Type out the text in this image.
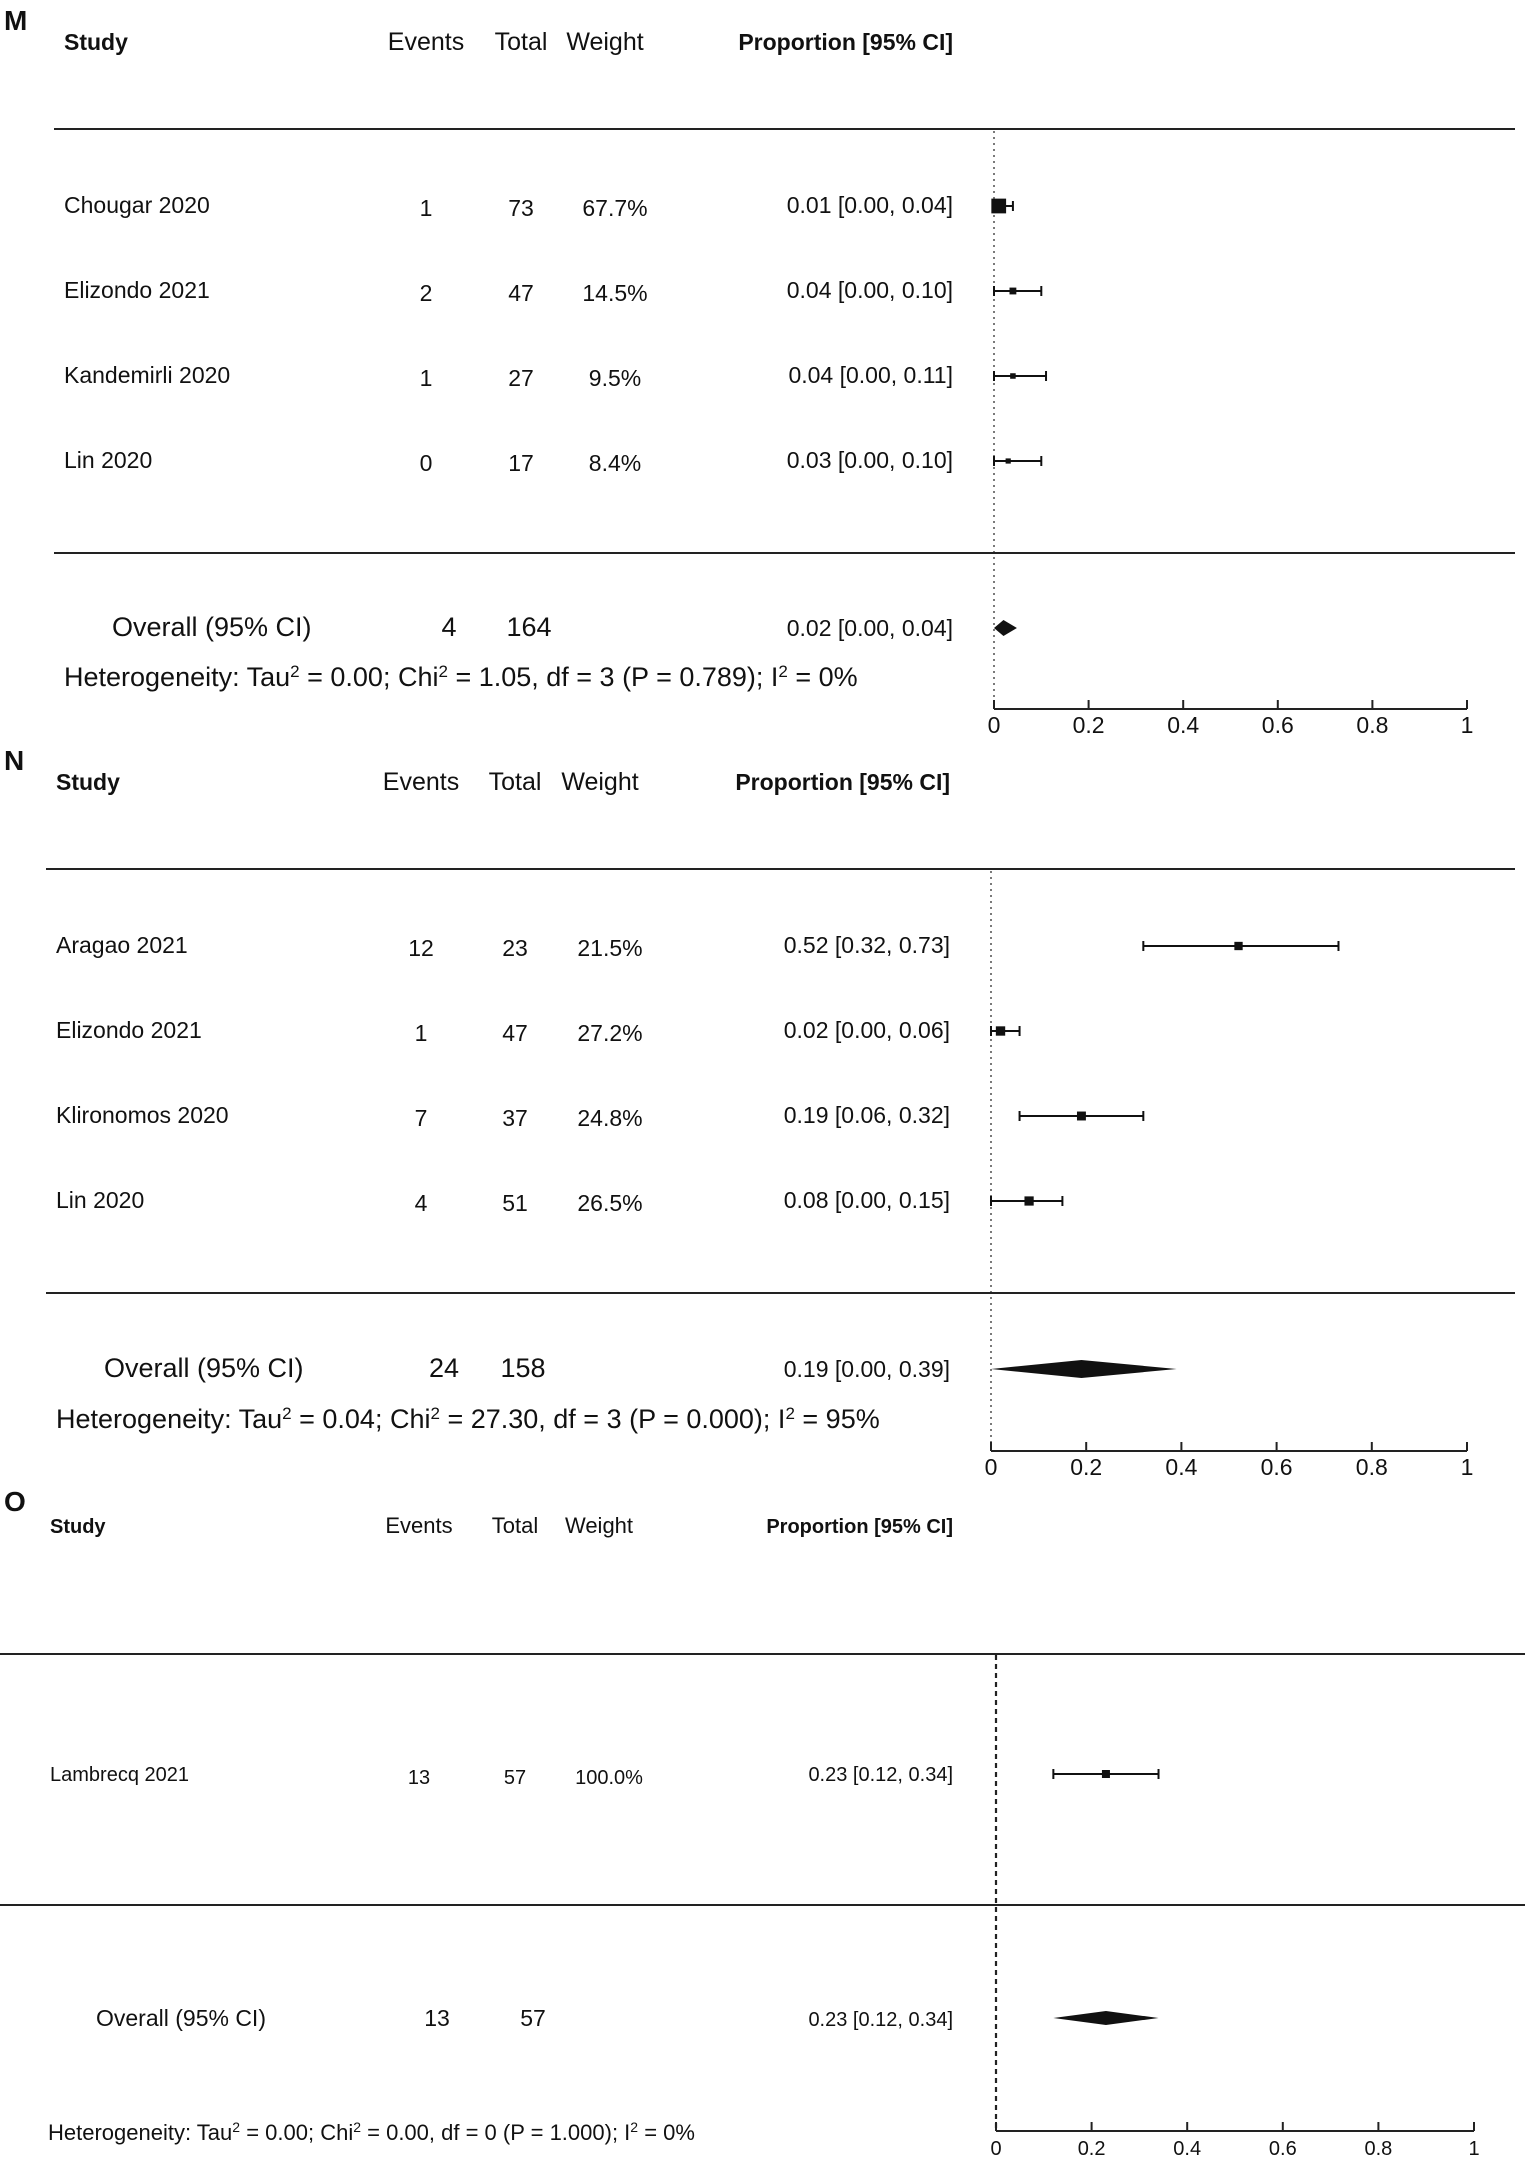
M
Study	Events Total Weight	Proportion [95% CI]
Chougar 2020	1	73 67.7%	0.01 [0.00, 0.04]
Elizondo 2021	2	47 14.5%	0.04 [0.00, 0.10]
Kandemirli 2020	1	27 9.5%	0.04 [0.00, 0.11]
Lin 2020	0	17 8.4%	0.03 [0.00, 0.10]
Overall (95% CI)	4 164	0.02 [0.00, 0.04]
Heterogeneity: Tau$^2$ = 0.00; Chi$^2$ = 1.05, df = 3 (P = 0.789); $I^2 = 0\%$
0	0.2	0.4	0.6	0.8	1
N
Study	Events Total Weight	Proportion [95% CI]
Aragao 2021	12	23 21.5%	0.52 [0.32, 0.73]
Elizondo 2021	1	47 27.2%	0.02 [0.00, 0.06]
Klironomos 2020	7	37 24.8%	0.19 [0.06, 0.32]
Lin 2020	4	51 26.5%	0.08 [0.00, 0.15]
Overall (95% CI)	24 158	0.19 [0.00, 0.39]
Heterogeneity: Tau$^2$ = 0.04; Chi$^2$ = 27.30, df = 3 (P = 0.000); $I^2 = 95\%$
0	0.2	0.4	0.6	0.8	1
O
Study	Events Total Weight	Proportion [95% CI]
Lambrecq 2021	13	57 100.0%	0.23 [0.12, 0.34]
Overall (95% CI)	13	57	0.23 [0.12, 0.34]
Heterogeneity: Tau$^2$ = 0.00; Chi$^2$ = 0.00, df = 0 (P = 1.000); $I^2 = 0\%$
0	0.2	0.4	0.6	0.8	1
